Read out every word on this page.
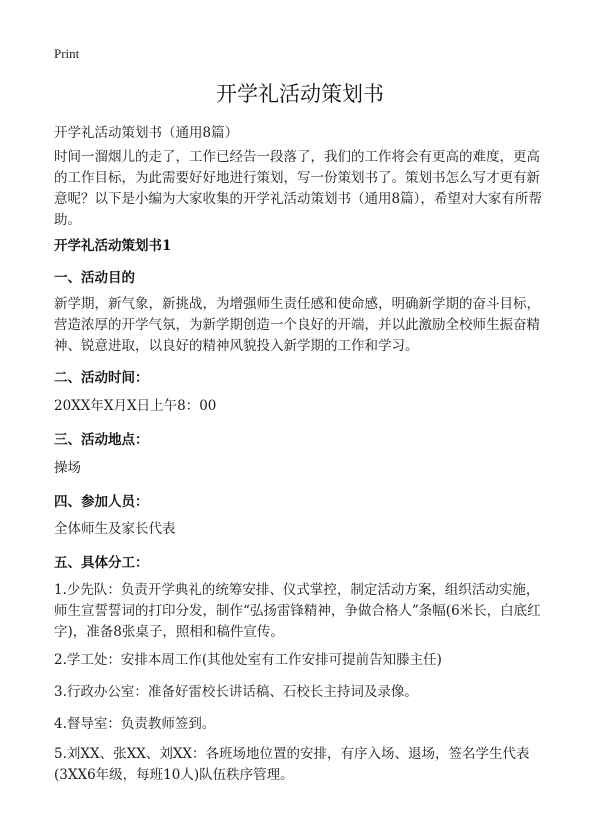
Print
开学礼活动策划书
开学礼活动策划书（通用8篇）

时间一溜烟儿的走了，工作已经告一段落了，我们的工作将会有更高的难度，更高的工作目标，为此需要好好地进行策划，写一份策划书了。策划书怎么写才更有新意呢？以下是小编为大家收集的开学礼活动策划书（通用8篇），希望对大家有所帮助。

开学礼活动策划书1
一、活动目的

新学期，新气象，新挑战，为增强师生责任感和使命感，明确新学期的奋斗目标，营造浓厚的开学气氛，为新学期创造一个良好的开端，并以此激励全校师生振奋精神、锐意进取，以良好的精神风貌投入新学期的工作和学习。

二、活动时间：
20XX年X月X日上午8：00
三、活动地点：
操场
四、参加人员：
全体师生及家长代表
五、具体分工：

1.少先队：负责开学典礼的统筹安排、仪式掌控，制定活动方案，组织活动实施，师生宣誓誓词的打印分发，制作“弘扬雷锋精神，争做合格人”条幅(6米长，白底红字)，准备8张桌子，照相和稿件宣传。

2.学工处：安排本周工作(其他处室有工作安排可提前告知滕主任)

3.行政办公室：准备好雷校长讲话稿、石校长主持词及录像。

4.督导室：负责教师签到。

5.刘XX、张XX、刘XX：各班场地位置的安排，有序入场、退场，签名学生代表(3XX6年级，每班10人)队伍秩序管理。
